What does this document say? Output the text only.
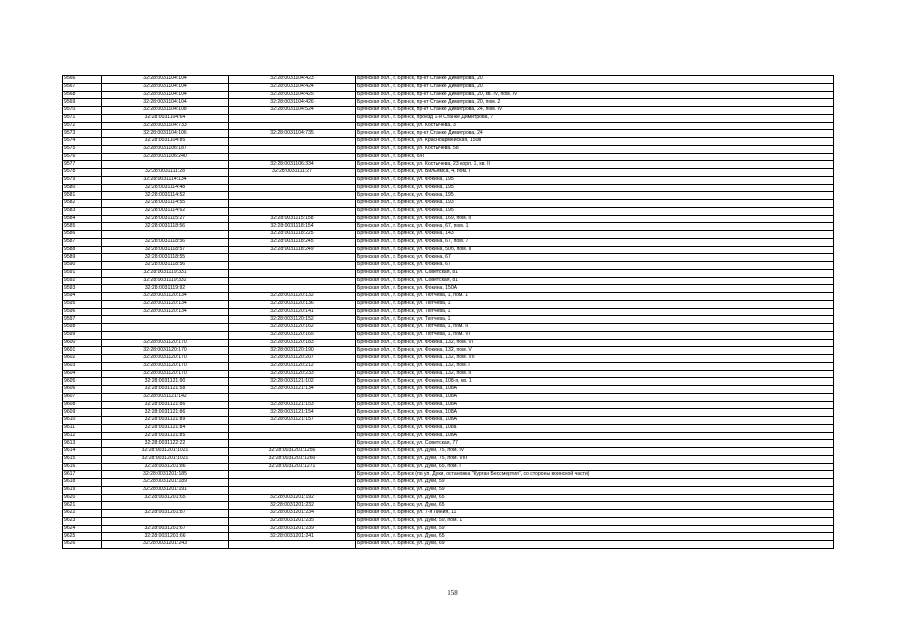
9566	32:28:0031104:104	32:28:0031104:423	Брянская обл., г. Брянск, пр-кт Станке Димитрова, 20
9567	32:28:0031104:104	32:28:0031104:424	Брянская обл., г. Брянск, пр-кт Станке Димитрова, 20
9568	32:28:0031104:104	32:28:0031104:425	Брянская обл., г. Брянск, пр-кт Станке Димитрова, 20, кв. IV, пом. IV
9569	32:28:0031104:104	32:28:0031104:426	Брянская обл., г. Брянск, пр-кт Станке Димитрова, 20, пом. 2
9570	32:28:0031104:108	32:28:0031104:524	Брянская обл., г. Брянск, пр-кт Станке Димитрова, 24, пом. IV
9571	32:28:0031104:64		Брянская обл., г. Брянск, проезд 1-й Станке Димитрова, 7
9572	32:28:0031104:733		Брянская обл., г. Брянск, ул. Костычева, 3
9573	32:28:0031104:106	32:28:0031104:735	Брянская обл., г. Брянск, пр-кт Станке Димитрова, 24
9574	32:28:0031104:85		Брянская обл., г. Брянск, ул. Красноармейская, 150в
9575	32:28:0031106:187		Брянская обл., г. Брянск, ул. Костычева, 58
9576	32:28:0031106:240		Брянская обл., г. Брянск, б/н
9577		32:28:0031106:334	Брянская обл., г. Брянск, ул. Костычева, 23 корп. 1, кв. II
9578	32:28:0031111:28	32:28:0031111:27	Брянская обл., г. Брянск, ул. Вильямса, 4, пом. I
9579	32:28:0031114:134		Брянская обл., г. Брянск, ул. Фокина, 195
9580	32:28:0031114:48		Брянская обл., г. Брянск, ул. Фокина, 195
9581	32:28:0031114:52		Брянская обл., г. Брянск, ул. Фокина, 195
9582	32:28:0031114:55		Брянская обл., г. Брянск, ул. Фокина, 193
9583	32:28:0031114:62		Брянская обл., г. Брянск, ул. Фокина, 195
9584	32:28:0031115:27	32:28:0031115:158	Брянская обл., г. Брянск, ул. Фокина, 169, пом. II
9585	32:28:0031118:56	32:28:0031118:154	Брянская обл., г. Брянск, ул. Фокина, 67, пом. 1
9586		32:28:0031118:225	Брянская обл., г. Брянск, ул. Фокина, 143
9587	32:28:0031118:56	32:28:0031118:245	Брянская обл., г. Брянск, ул. Фокина, 67, пом. 7
9588	32:28:0031118:57	32:28:0031118:249	Брянская обл., г. Брянск, ул. Фокина, 50б, пом. II
9589	32:28:0031118:55		Брянская обл., г. Брянск, ул. Фокина, 67
9590	32:28:0031118:56		Брянская обл., г. Брянск, ул. Фокина, 67
9591	32:28:0031119:331		Брянская обл., г. Брянск, ул. Советская, 81
9592	32:28:0031119:332		Брянская обл., г. Брянск, ул. Советская, 81
9593	32:28:0031119:92		Брянская обл., г. Брянск, ул. Фокина, 150А
9594	32:28:0031120:134	32:28:0031120:132	Брянская обл., г. Брянск, ул. Тютчева, 1, пом. 1
9595	32:28:0031120:134	32:28:0031120:136	Брянская обл., г. Брянск, ул. Тютчева, 1
9596	32:28:0031120:134	32:28:0031120:141	Брянская обл., г. Брянск, ул. Тютчева, 1
9597		32:28:0031120:152	Брянская обл., г. Брянск, ул. Тютчева, 1
9598		32:28:0031120:162	Брянская обл., г. Брянск, ул. Тютчева, 1, пом. II
9599		32:28:0031120:165	Брянская обл., г. Брянск, ул. Тютчева, 1, пом. VI
9600	32:28:0031120:170	32:28:0031120:183	Брянская обл., г. Брянск, ул. Фокина, 132, пом. VI
9601	32:28:0031120:170	32:28:0031120:190	Брянская обл., г. Брянск, ул. Фокина, 132, пом. V
9602	32:28:0031120:170	32:28:0031120:207	Брянская обл., г. Брянск, ул. Фокина, 132, пом. VII
9603	32:28:0031120:170	32:28:0031120:212	Брянская обл., г. Брянск, ул. Фокина, 132, пом. I
9604	32:28:0031120:170	32:28:0031120:233	Брянская обл., г. Брянск, ул. Фокина, 132, пом. II
9605	32:28:0031121:90	32:28:0031121:102	Брянская обл., г. Брянск, ул. Фокина, 108-я, кв. 1
9606	32:28:0031121:58	32:28:0031121:134	Брянская обл., г. Брянск, ул. Фокина, 108А
9607	32:28:0031121:142		Брянская обл., г. Брянск, ул. Фокина, 108А
9608	32:28:0031121:86	32:28:0031121:153	Брянская обл., г. Брянск, ул. Фокина, 108А
9609	32:28:0031121:86	32:28:0031121:154	Брянская обл., г. Брянск, ул. Фокина, 108А
9610	32:28:0031121:89	32:28:0031121:157	Брянская обл., г. Брянск, ул. Фокина, 108А
9611	32:28:0031121:84		Брянская обл., г. Брянск, ул. Фокина, 108а
9612	32:28:0031121:85		Брянская обл., г. Брянск, ул. Фокина, 108А
9613	32:28:0031122:22		Брянская обл., г. Брянск, ул. Советская, 77
9614	32:28:0031201:1021	32:28:0031201:1256	Брянская обл., г. Брянск, ул. Дуки, 75, пом. IV
9615	32:28:0031201:1021	32:28:0031201:1260	Брянская обл., г. Брянск, ул. Дуки, 75, пом. VIII
9616	32:28:0031201:86	32:28:0031201:1271	Брянская обл., г. Брянск, ул. Дуки, 65, пом. I
9617	32:28:0031201:185		Брянская обл., г. Брянск (по ул. Дуки, остановка "Курган Бессмертия", со стороны воинской части)
9618	32:28:0031201:189		Брянская обл., г. Брянск, ул. Дуки, 59
9619	32:28:0031201:191		Брянская обл., г. Брянск, ул. Дуки, 59
9620	32:28:0031201:65	32:28:0031201:192	Брянская обл., г. Брянск, ул. Дуки, 65
9621		32:28:0031201:232	Брянская обл., г. Брянск, ул. Дуки, 65
9622	32:28:0031201:87	32:28:0031201:234	Брянская обл., г. Брянск, ул. 7-я Линия, 11
9623		32:28:0031201:235	Брянская обл., г. Брянск, ул. Дуки, 59, пом. 1
9624	32:28:0031201:67	32:28:0031201:239	Брянская обл., г. Брянск, ул. Дуки, 59
9625	32:28:0031201:66	32:28:0031201:241	Брянская обл., г. Брянск, ул. Дуки, 65
9626	32:28:0031201:243		Брянская обл., г. Брянск, ул. Дуки, 69
158
